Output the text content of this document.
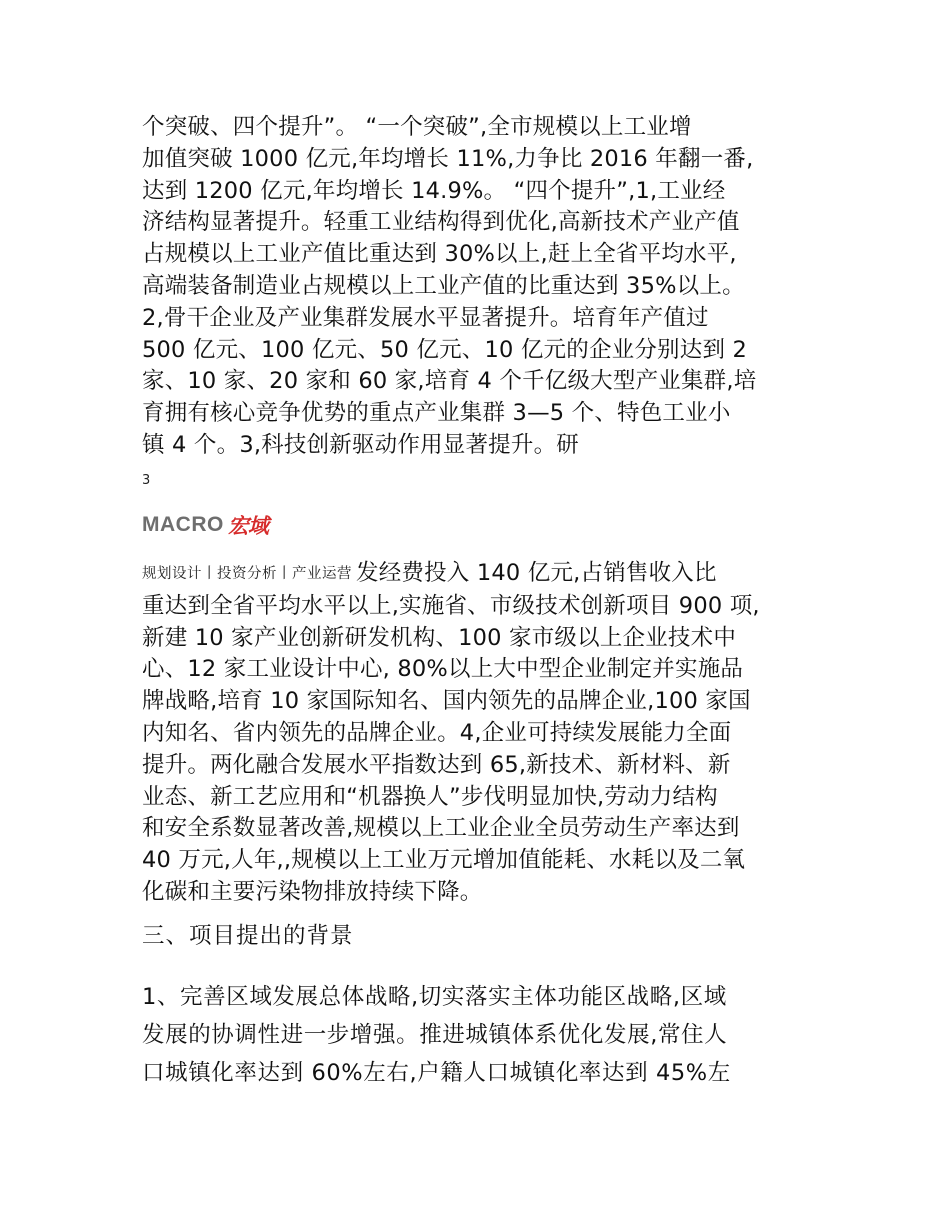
个突破、四个提升”。 “一个突破”,全市规模以上工业增
加值突破 1000 亿元,年均增长 11%,力争比 2016 年翻一番,
达到 1200 亿元,年均增长 14.9%。 “四个提升”,1,工业经
济结构显著提升。轻重工业结构得到优化,高新技术产业产值
占规模以上工业产值比重达到 30%以上,赶上全省平均水平,
高端装备制造业占规模以上工业产值的比重达到 35%以上。
2,骨干企业及产业集群发展水平显著提升。培育年产值过
500 亿元、100 亿元、50 亿元、10 亿元的企业分别达到 2
家、10 家、20 家和 60 家,培育 4 个千亿级大型产业集群,培
育拥有核心竞争优势的重点产业集群 3—5 个、特色工业小
镇 4 个。3,科技创新驱动作用显著提升。研
3
MACRO 宏域
规划设计丨投资分析丨产业运营 发经费投入 140 亿元,占销售收入比
重达到全省平均水平以上,实施省、市级技术创新项目 900 项,
新建 10 家产业创新研发机构、100 家市级以上企业技术中
心、12 家工业设计中心, 80%以上大中型企业制定并实施品
牌战略,培育 10 家国际知名、国内领先的品牌企业,100 家国
内知名、省内领先的品牌企业。4,企业可持续发展能力全面
提升。两化融合发展水平指数达到 65,新技术、新材料、新
业态、新工艺应用和“机器换人”步伐明显加快,劳动力结构
和安全系数显著改善,规模以上工业企业全员劳动生产率达到
40 万元,人年,,规模以上工业万元增加值能耗、水耗以及二氧
化碳和主要污染物排放持续下降。
三、项目提出的背景
1、完善区域发展总体战略,切实落实主体功能区战略,区域
发展的协调性进一步增强。推进城镇体系优化发展,常住人
口城镇化率达到 60%左右,户籍人口城镇化率达到 45%左
